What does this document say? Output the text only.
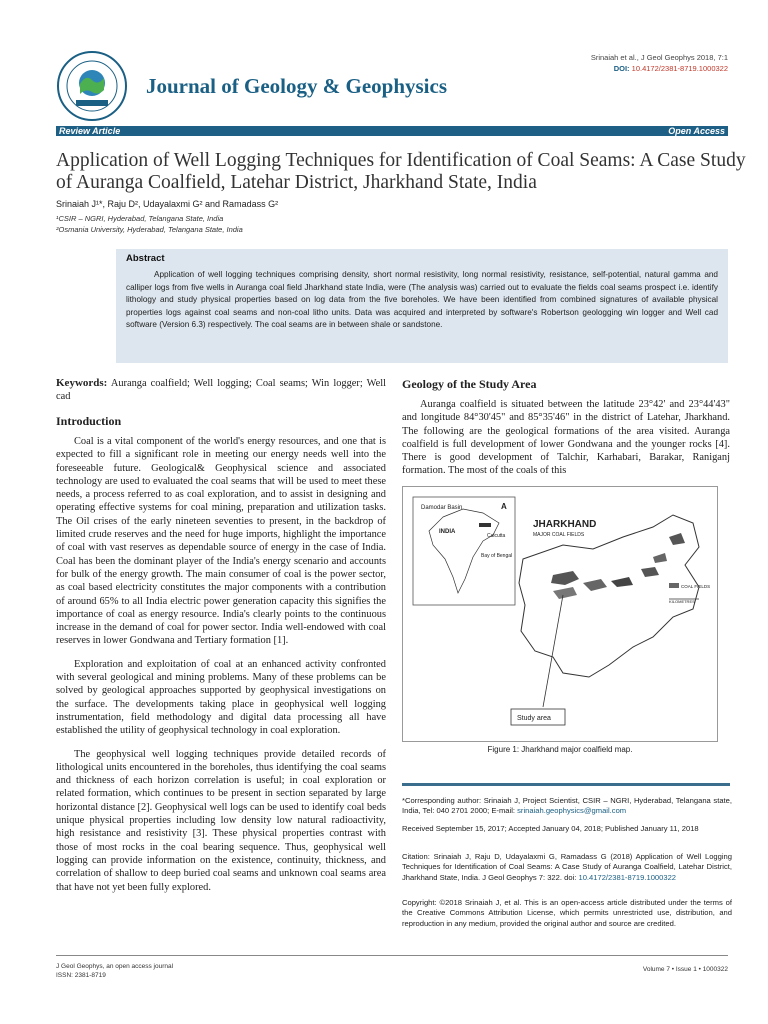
Journal of Geology & Geophysics
Srinaiah et al., J Geol Geophys 2018, 7:1
DOI: 10.4172/2381-8719.1000322
Review Article	Open Access
Application of Well Logging Techniques for Identification of Coal Seams: A Case Study of Auranga Coalfield, Latehar District, Jharkhand State, India
Srinaiah J¹*, Raju D², Udayalaxmi G² and Ramadass G²
¹CSIR – NGRI, Hyderabad, Telangana State, India
²Osmania University, Hyderabad, Telangana State, India
Abstract

Application of well logging techniques comprising density, short normal resistivity, long normal resistivity, resistance, self-potential, natural gamma and calliper logs from five wells in Auranga coal field Jharkhand state India, were (The analysis was) carried out to evaluate the fields coal seams prospect i.e. identify lithology and study physical properties based on log data from the five boreholes. We have been identified from combined signatures of available physical properties logs against coal seams and non-coal litho units. Data was acquired and interpreted by software's Robertson geologging win logger and Well cad software (Version 6.3) respectively. The coal seams are in between shale or sandstone.

Keywords: Auranga coalfield; Well logging; Coal seams; Win logger; Well cad
Introduction

Coal is a vital component of the world's energy resources, and one that is expected to fill a significant role in meeting our energy needs well into the foreseeable future. Geological& Geophysical science and associated technology are used to evaluated the coal seams that will be used to meet these needs, a process referred to as coal exploration, and to assist in designing and operating effective systems for coal mining, preparation and utilization tasks. The Oil crises of the early nineteen seventies to present, in the backdrop of limited crude reserves and the need for huge imports, highlight the importance of coal with vast reserves as dependable source of energy in the case of India. Coal has been the dominant player of the India's energy scenario and accounts for bulk of the energy growth. The main consumer of coal is the power sector, as coal based electricity constitutes the major components with a contribution of around 65% to all India electric power generation capacity this signifies the importance of coal as energy resource. India's clearly points to the continuous increase in the demand of coal for power sector. India well-endowed with coal reserves in lower Gondwana and Tertiary formation [1].

Exploration and exploitation of coal at an enhanced activity confronted with several geological and mining problems. Many of these problems can be solved by geological approaches supported by geophysical investigations on the surface. The developments taking place in geophysical well logging instrumentation, field methodology and digital data processing all have established the utility of geophysical technology in coal exploration.

The geophysical well logging techniques provide detailed records of lithological units encountered in the boreholes, thus identifying the coal seams and thickness of each horizon correlation is useful; in coal exploration or related formation, which continues to be present in section separated by large horizontal distance [2]. Geophysical well logs can be used to identify coal beds unique physical properties including low density low natural radioactivity, high resistance and resistivity [3]. These physical properties contrast with those of most rocks in the coal bearing sequence. Thus, geophysical well logging can provide information on the existence, continuity, thickness, and correlation of shallow to deep buried coal seams and unknown coal seams area that have not yet been fully explored.

Geology of the Study Area

Auranga coalfield is situated between the latitude 23°42' and 23°44'43" and longitude 84°30'45" and 85°35'46" in the district of Latehar, Jharkhand. The following are the geological formations of the area visited. Auranga coalfield is full development of lower Gondwana and the younger rocks [4]. There is good development of Talchir, Karhabari, Barakar, Raniganj formation. The most of the coals of this

Damodar Basin
INDIA
Calcutta
Bay of Bengal
A
JHARKHAND
MAJOR COAL FIELDS
COAL FIELDS
KILOMETRES
Study area
Figure 1: Jharkhand major coalfield map.
*Corresponding author: Srinaiah J, Project Scientist, CSIR – NGRI, Hyderabad, Telangana state, India, Tel: 040 2701 2000; E-mail: srinaiah.geophysics@gmail.com
Received September 15, 2017; Accepted January 04, 2018; Published January 11, 2018
Citation: Srinaiah J, Raju D, Udayalaxmi G, Ramadass G (2018) Application of Well Logging Techniques for Identification of Coal Seams: A Case Study of Auranga Coalfield, Latehar District, Jharkhand State, India. J Geol Geophys 7: 322. doi: 10.4172/2381-8719.1000322
Copyright: ©2018 Srinaiah J, et al. This is an open-access article distributed under the terms of the Creative Commons Attribution License, which permits unrestricted use, distribution, and reproduction in any medium, provided the original author and source are credited.
J Geol Geophys, an open access journal
ISSN: 2381-8719
Volume 7 • Issue 1 • 1000322
